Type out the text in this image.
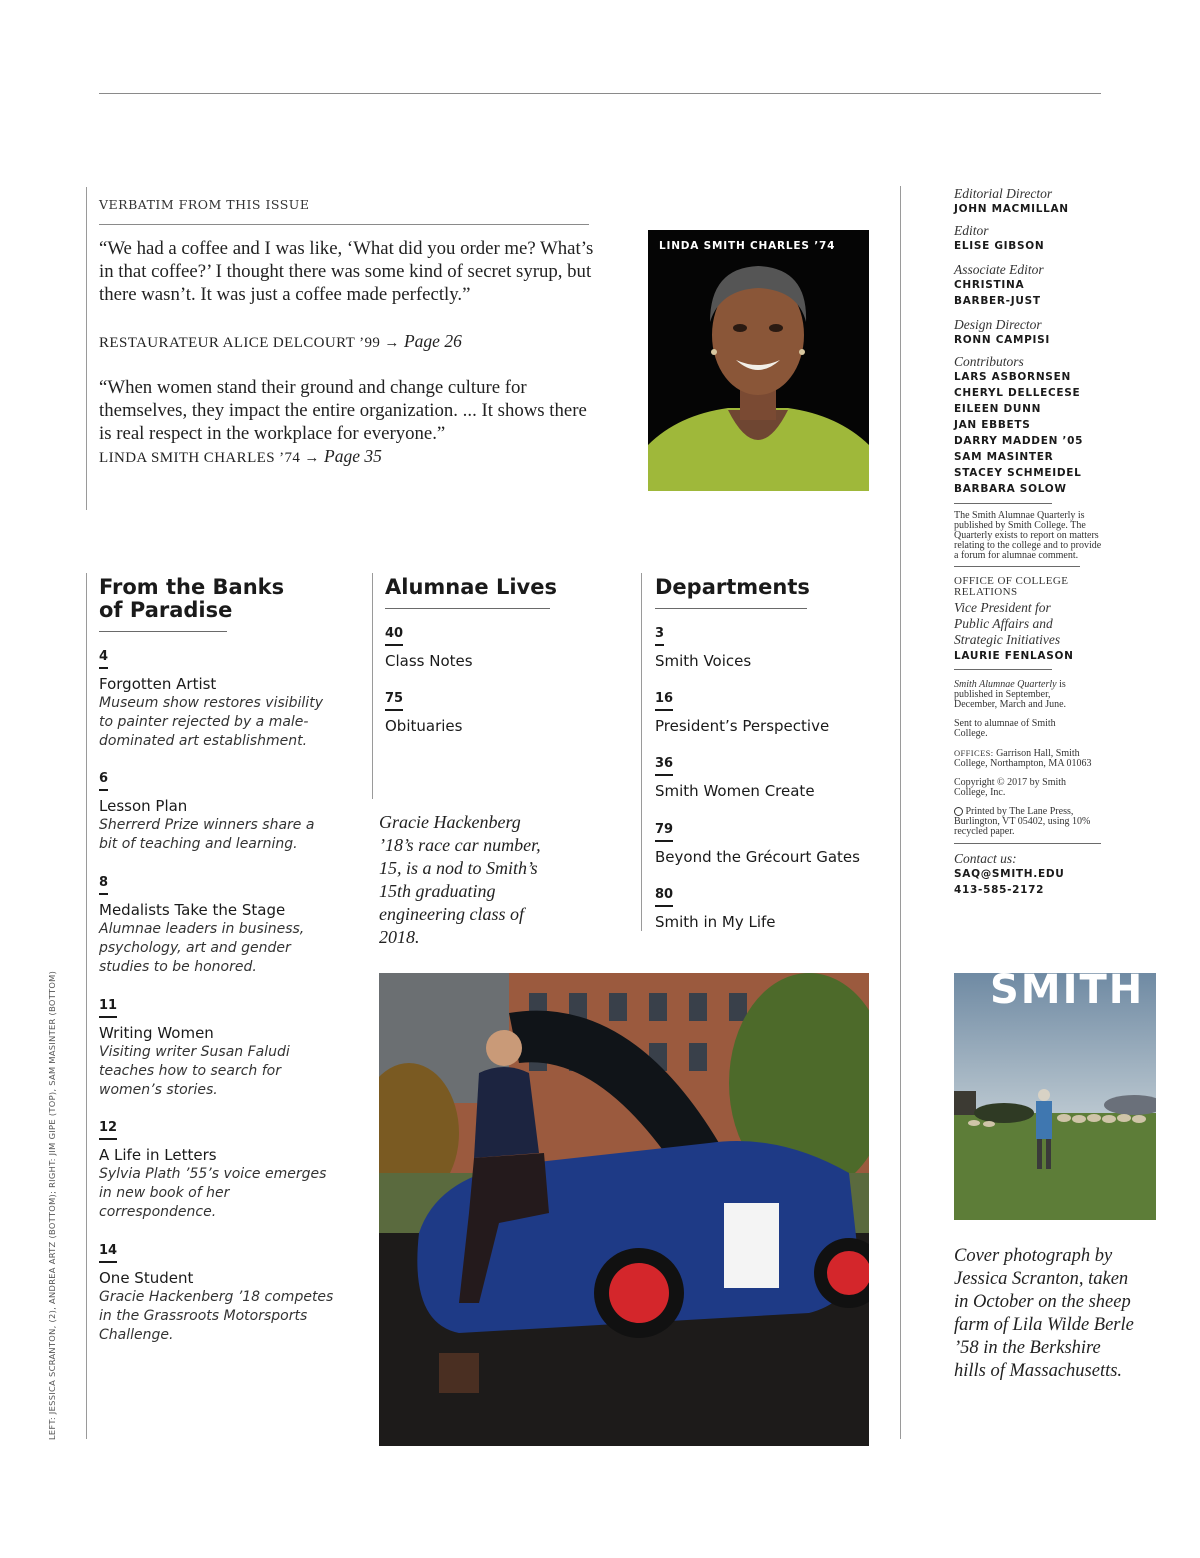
VERBATIM FROM THIS ISSUE
“We had a coffee and I was like, ‘What did you order me? What’s in that coffee?’ I thought there was some kind of secret syrup, but there wasn’t. It was just a coffee made perfectly.”
RESTAURATEUR ALICE DELCOURT ’99 → Page 26
“When women stand their ground and change culture for themselves, they impact the entire organization. ... It shows there is real respect in the workplace for everyone.”
LINDA SMITH CHARLES ’74 → Page 35
LINDA SMITH CHARLES ’74
From the Banks
of Paradise
4
Forgotten Artist
Museum show restores visibility to painter rejected by a male-dominated art establishment.
6
Lesson Plan
Sherrerd Prize winners share a bit of teaching and learning.
8
Medalists Take the Stage
Alumnae leaders in business, psychology, art and gender studies to be honored.
11
Writing Women
Visiting writer Susan Faludi teaches how to search for women’s stories.
12
A Life in Letters
Sylvia Plath ’55’s voice emerges in new book of her correspondence.
14
One Student
Gracie Hackenberg ’18 competes in the Grassroots Motorsports Challenge.
Alumnae Lives
40
Class Notes
75
Obituaries
Gracie Hackenberg ’18’s race car number, 15, is a nod to Smith’s 15th graduating engineering class of 2018.
Departments
3
Smith Voices
16
President’s Perspective
36
Smith Women Create
79
Beyond the Grécourt Gates
80
Smith in My Life
Editorial Director
JOHN MACMILLAN
Editor
ELISE GIBSON
Associate Editor
CHRISTINA
BARBER-JUST
Design Director
RONN CAMPISI
Contributors
LARS ASBORNSEN
CHERYL DELLECESE
EILEEN DUNN
JAN EBBETS
DARRY MADDEN ’05
SAM MASINTER
STACEY SCHMEIDEL
BARBARA SOLOW
The Smith Alumnae Quarterly is published by Smith College. The Quarterly exists to report on matters relating to the college and to provide a forum for alumnae comment.
OFFICE OF COLLEGE RELATIONS
Vice President for Public Affairs and Strategic Initiatives
LAURIE FENLASON
Smith Alumnae Quarterly is published in September, December, March and June.
Sent to alumnae of Smith College.
OFFICES: Garrison Hall, Smith College, Northampton, MA 01063
Copyright © 2017 by Smith College, Inc.
Printed by The Lane Press, Burlington, VT 05402, using 10% recycled paper.
Contact us:
SAQ@SMITH.EDU
413-585-2172
SMITH
Cover photograph by Jessica Scranton, taken in October on the sheep farm of Lila Wilde Berle ’58 in the Berkshire hills of Massachusetts.
LEFT: JESSICA SCRANTON, (2), ANDREA ARTZ (BOTTOM); RIGHT: JIM GIPE (TOP), SAM MASINTER (BOTTOM)
